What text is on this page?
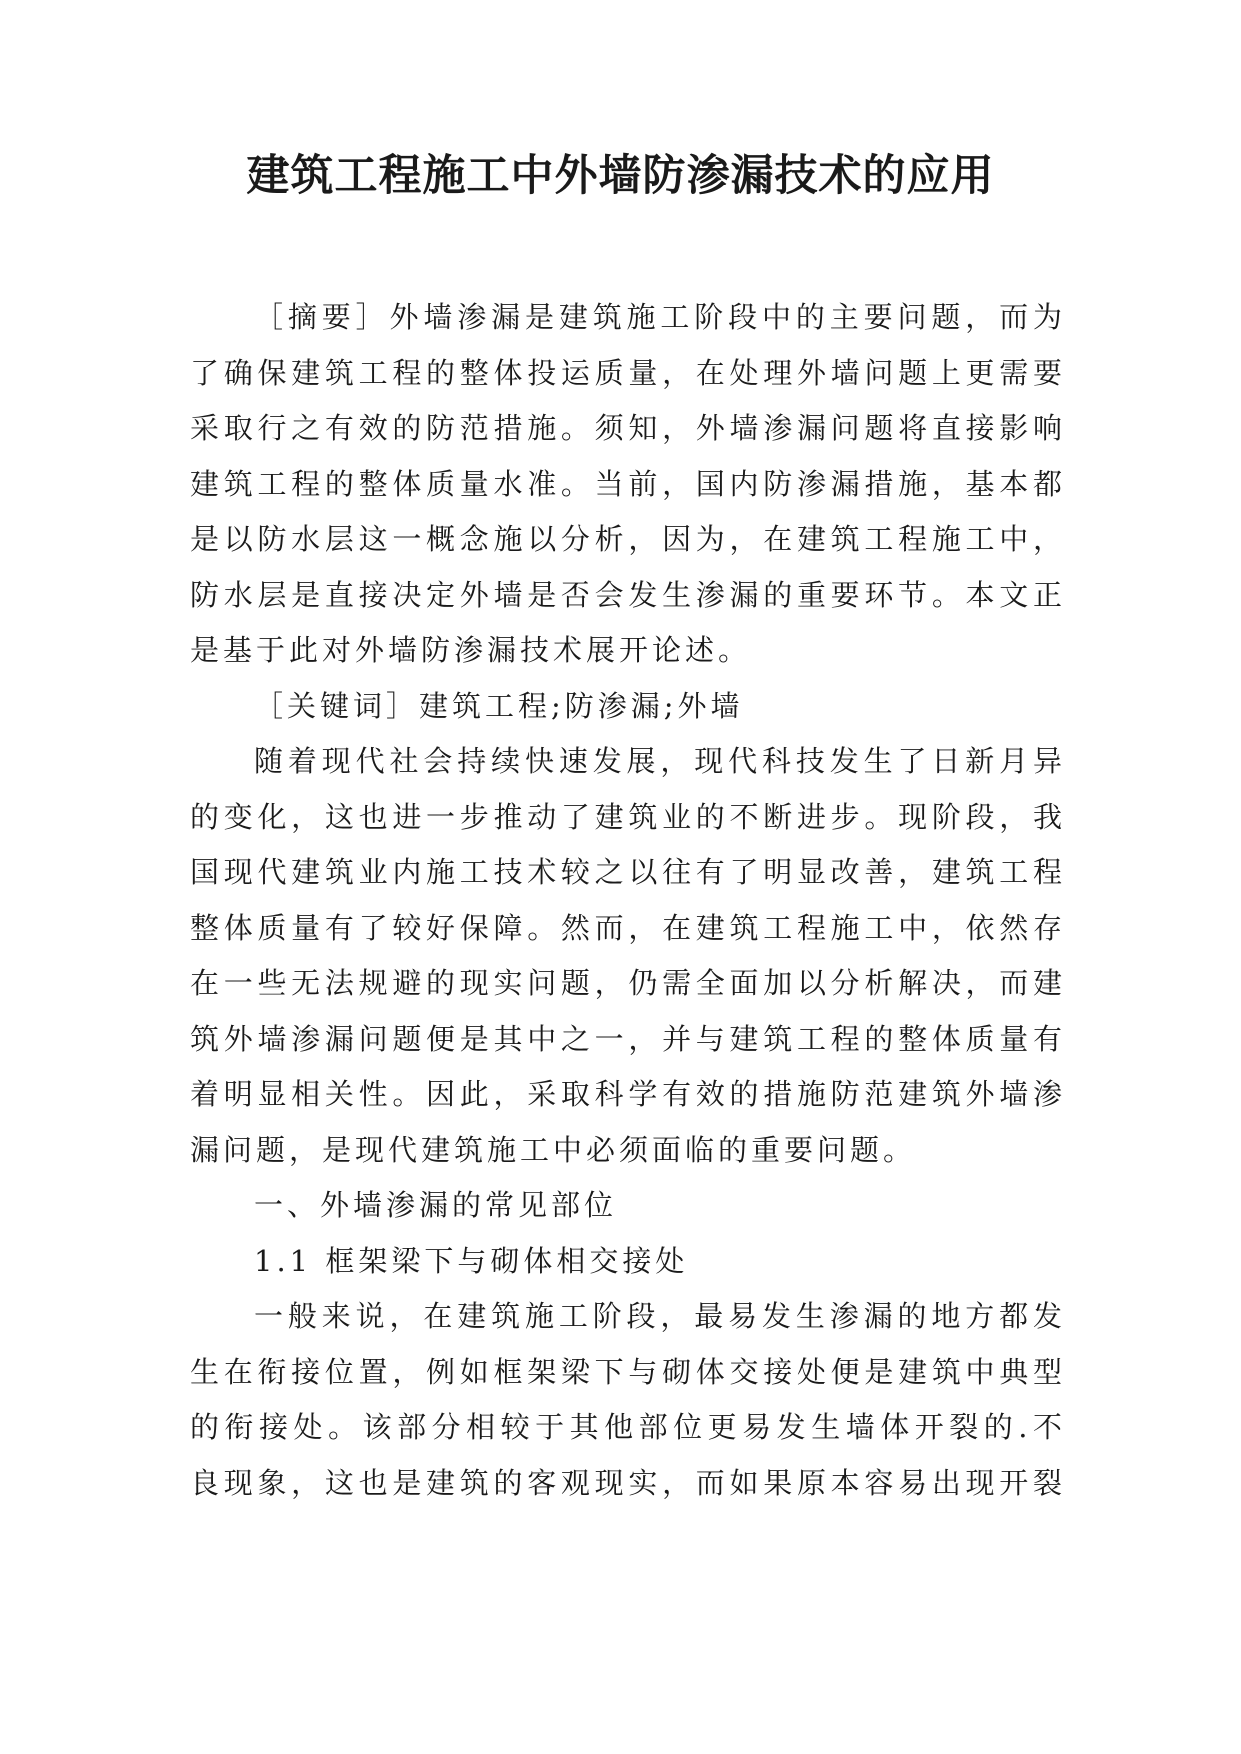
建筑工程施工中外墙防渗漏技术的应用
［摘要］外墙渗漏是建筑施工阶段中的主要问题，而为
了确保建筑工程的整体投运质量，在处理外墙问题上更需要
采取行之有效的防范措施。须知，外墙渗漏问题将直接影响
建筑工程的整体质量水准。当前，国内防渗漏措施，基本都
是以防水层这一概念施以分析，因为，在建筑工程施工中，
防水层是直接决定外墙是否会发生渗漏的重要环节。本文正
是基于此对外墙防渗漏技术展开论述。
［关键词］建筑工程;防渗漏;外墙
随着现代社会持续快速发展，现代科技发生了日新月异
的变化，这也进一步推动了建筑业的不断进步。现阶段，我
国现代建筑业内施工技术较之以往有了明显改善，建筑工程
整体质量有了较好保障。然而，在建筑工程施工中，依然存
在一些无法规避的现实问题，仍需全面加以分析解决，而建
筑外墙渗漏问题便是其中之一，并与建筑工程的整体质量有
着明显相关性。因此，采取科学有效的措施防范建筑外墙渗
漏问题，是现代建筑施工中必须面临的重要问题。
一、外墙渗漏的常见部位
1.1 框架梁下与砌体相交接处
一般来说，在建筑施工阶段，最易发生渗漏的地方都发
生在衔接位置，例如框架梁下与砌体交接处便是建筑中典型
的衔接处。该部分相较于其他部位更易发生墙体开裂的.不
良现象，这也是建筑的客观现实，而如果原本容易出现开裂
